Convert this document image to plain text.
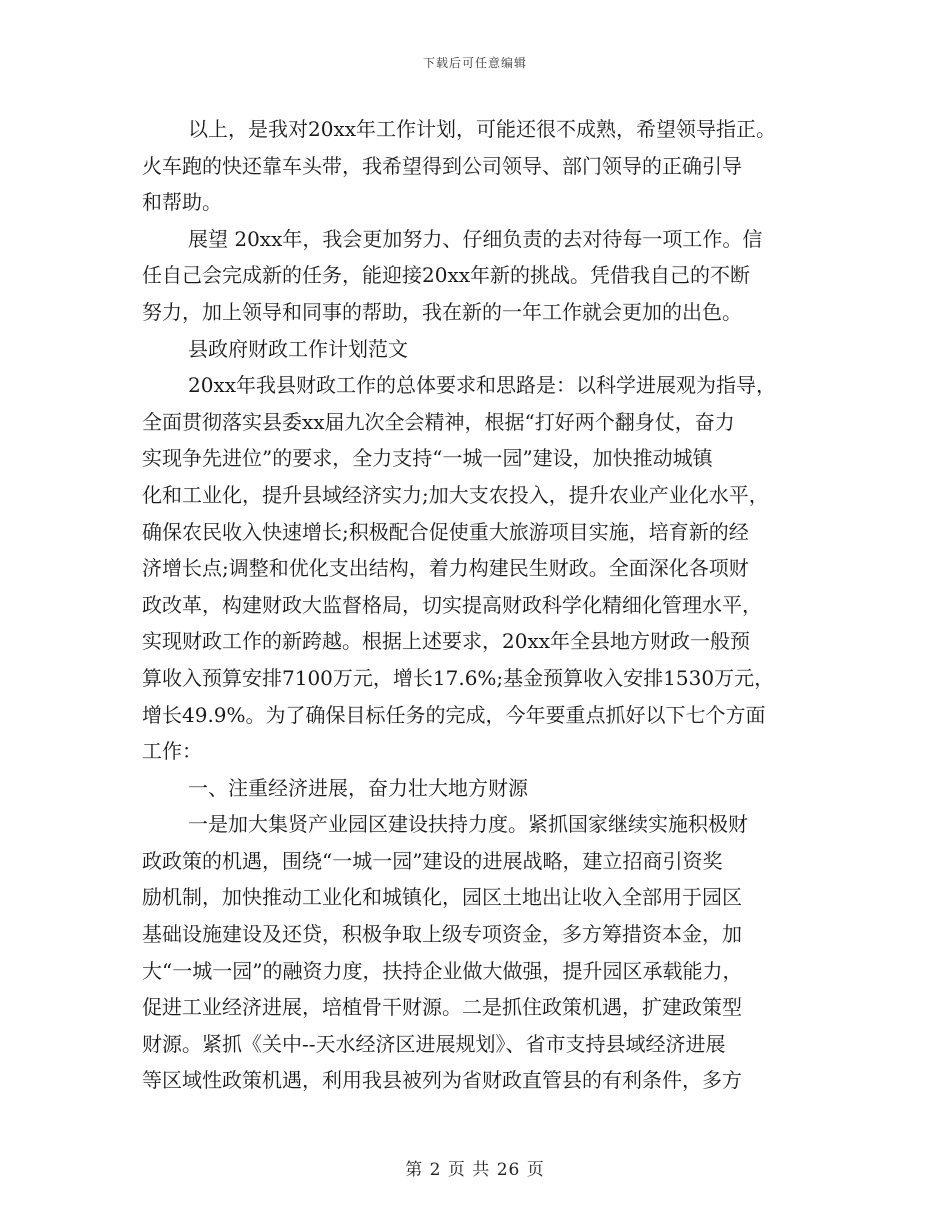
下载后可任意编辑
以上，是我对20xx年工作计划，可能还很不成熟，希望领导指正。
火车跑的快还靠车头带，我希望得到公司领导、部门领导的正确引导
和帮助。
展望 20xx年，我会更加努力、仔细负责的去对待每一项工作。信
任自己会完成新的任务，能迎接20xx年新的挑战。凭借我自己的不断
努力，加上领导和同事的帮助，我在新的一年工作就会更加的出色。
县政府财政工作计划范文
20xx年我县财政工作的总体要求和思路是：以科学进展观为指导，
全面贯彻落实县委xx届九次全会精神，根据“打好两个翻身仗，奋力
实现争先进位”的要求，全力支持“一城一园”建设，加快推动城镇
化和工业化，提升县域经济实力;加大支农投入，提升农业产业化水平，
确保农民收入快速增长;积极配合促使重大旅游项目实施，培育新的经
济增长点;调整和优化支出结构，着力构建民生财政。全面深化各项财
政改革，构建财政大监督格局，切实提高财政科学化精细化管理水平，
实现财政工作的新跨越。根据上述要求，20xx年全县地方财政一般预
算收入预算安排7100万元，增长17.6%;基金预算收入安排1530万元，
增长49.9%。为了确保目标任务的完成，今年要重点抓好以下七个方面
工作：
一、注重经济进展，奋力壮大地方财源
一是加大集贤产业园区建设扶持力度。紧抓国家继续实施积极财
政政策的机遇，围绕“一城一园”建设的进展战略，建立招商引资奖
励机制，加快推动工业化和城镇化，园区土地出让收入全部用于园区
基础设施建设及还贷，积极争取上级专项资金，多方筹措资本金，加
大“一城一园”的融资力度，扶持企业做大做强，提升园区承载能力，
促进工业经济进展，培植骨干财源。二是抓住政策机遇，扩建政策型
财源。紧抓《关中--天水经济区进展规划》、省市支持县域经济进展
等区域性政策机遇，利用我县被列为省财政直管县的有利条件，多方
第 2 页 共 26 页
